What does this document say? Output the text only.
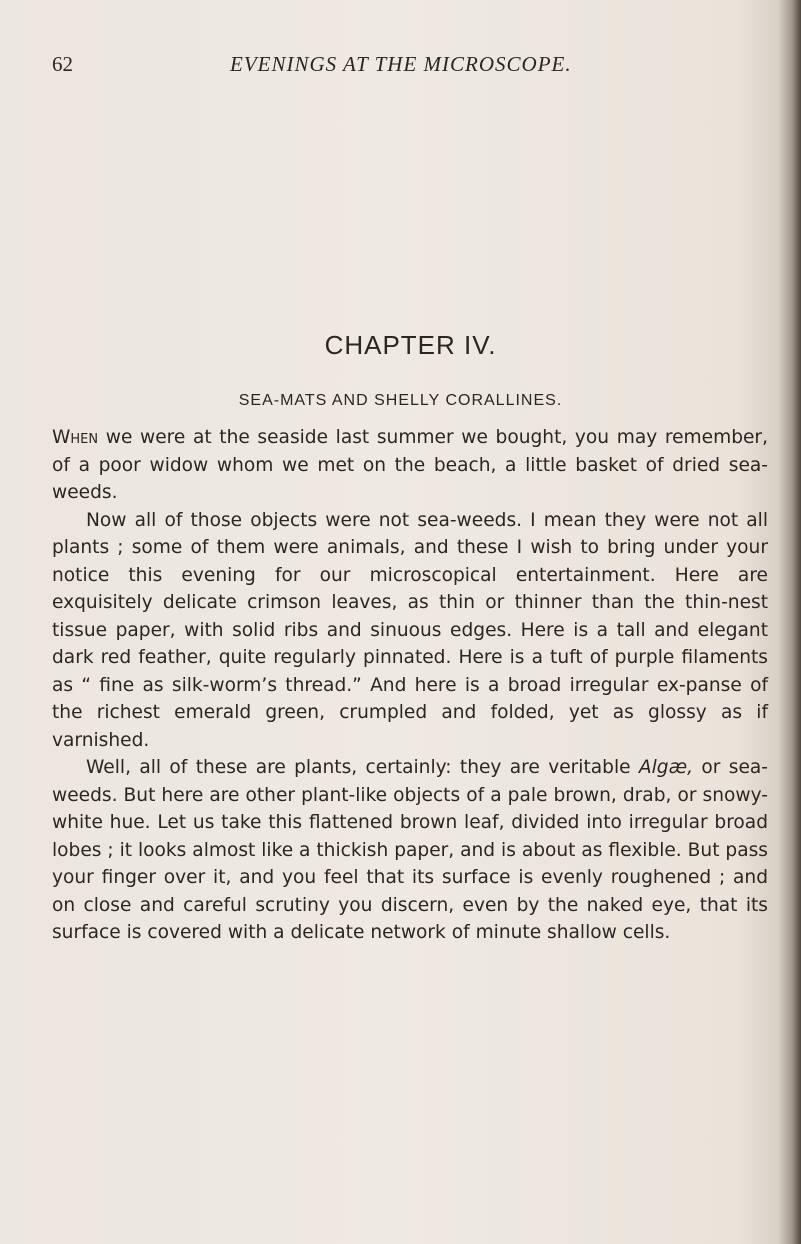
62	EVENINGS AT THE MICROSCOPE.
CHAPTER IV.
SEA-MATS AND SHELLY CORALLINES.

When we were at the seaside last summer we bought, you may remember, of a poor widow whom we met on the beach, a little basket of dried sea-weeds.

Now all of those objects were not sea-weeds. I mean they were not all plants ; some of them were animals, and these I wish to bring under your notice this evening for our microscopical entertainment. Here are exquisitely delicate crimson leaves, as thin or thinner than the thin-nest tissue paper, with solid ribs and sinuous edges. Here is a tall and elegant dark red feather, quite regularly pinnated. Here is a tuft of purple filaments as “ fine as silk-worm’s thread.” And here is a broad irregular ex-panse of the richest emerald green, crumpled and folded, yet as glossy as if varnished.

Well, all of these are plants, certainly: they are veritable Algæ, or sea-weeds. But here are other plant-like objects of a pale brown, drab, or snowy-white hue. Let us take this flattened brown leaf, divided into irregular broad lobes ; it looks almost like a thickish paper, and is about as flexible. But pass your finger over it, and you feel that its surface is evenly roughened ; and on close and careful scrutiny you discern, even by the naked eye, that its surface is covered with a delicate network of minute shallow cells.
